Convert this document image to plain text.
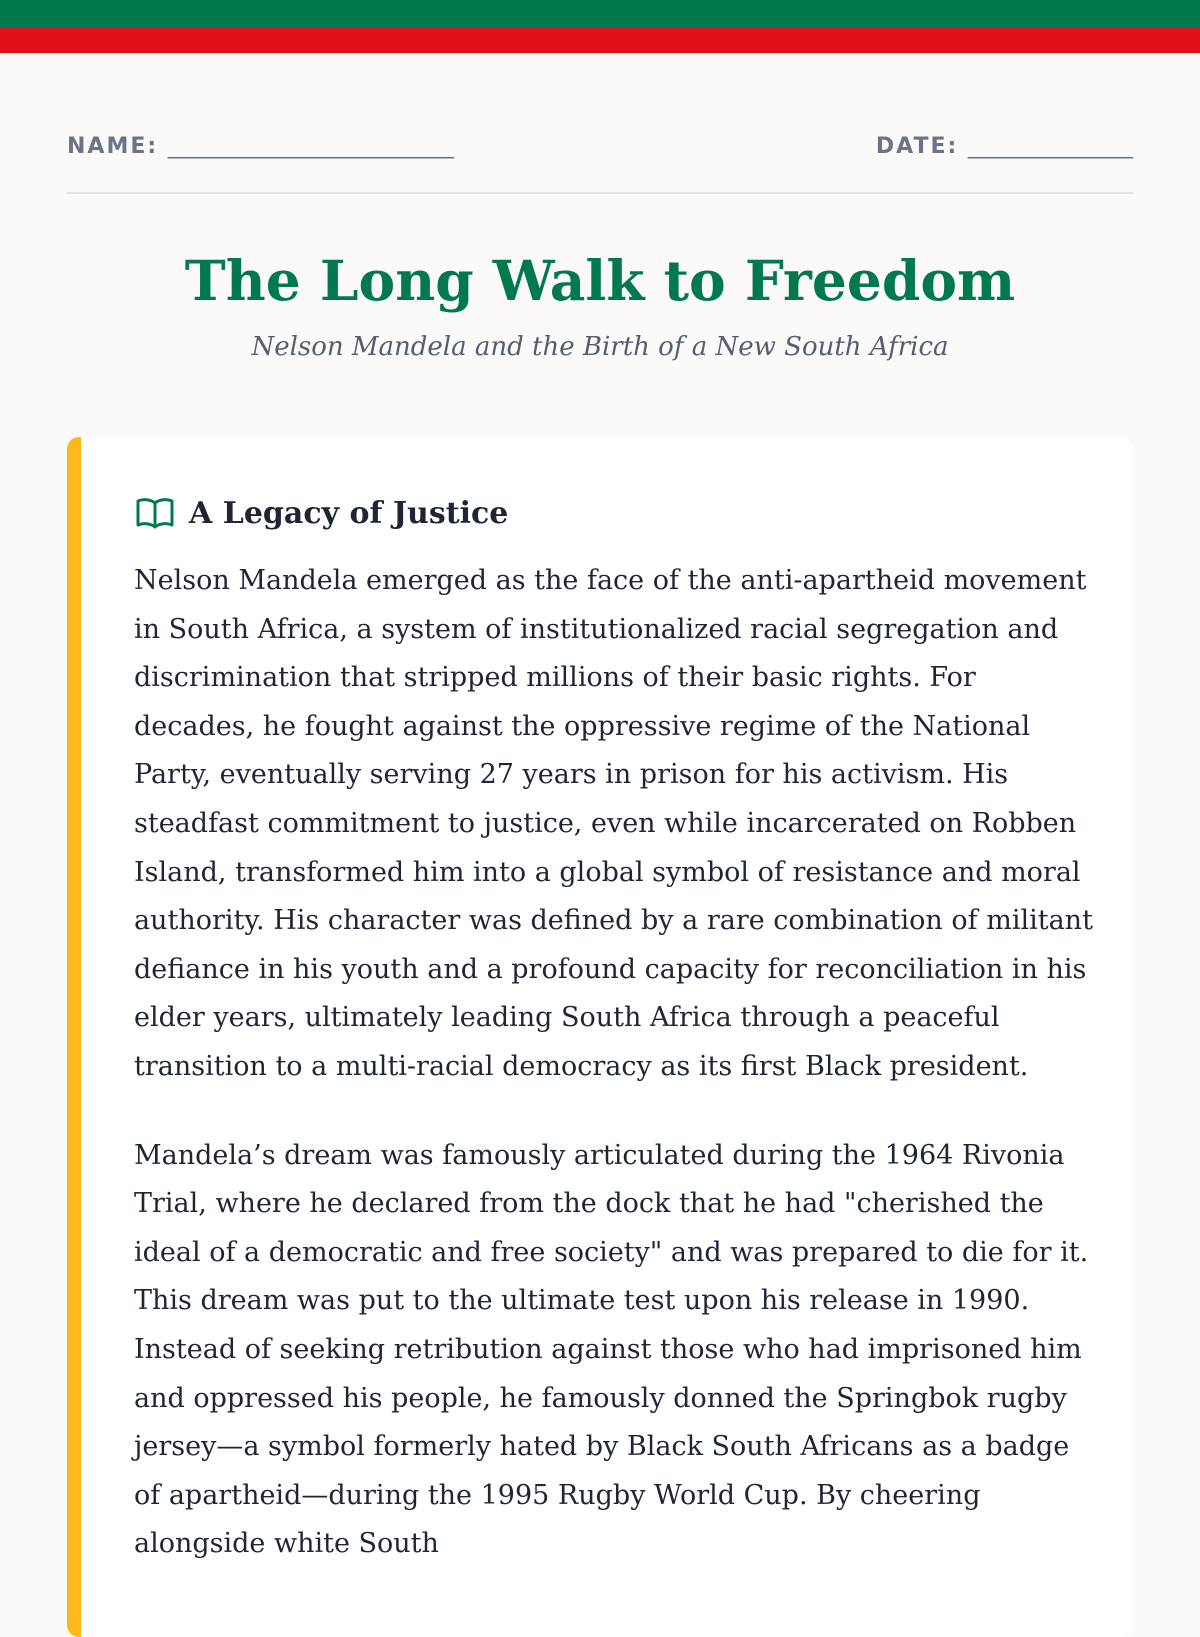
NAME: __________________________	DATE: _______________
The Long Walk to Freedom

Nelson Mandela and the Birth of a New South Africa

A Legacy of Justice

Nelson Mandela emerged as the face of the anti-apartheid movement in South Africa, a system of institutionalized racial segregation and discrimination that stripped millions of their basic rights. For decades, he fought against the oppressive regime of the National Party, eventually serving 27 years in prison for his activism. His steadfast commitment to justice, even while incarcerated on Robben Island, transformed him into a global symbol of resistance and moral authority. His character was defined by a rare combination of militant defiance in his youth and a profound capacity for reconciliation in his elder years, ultimately leading South Africa through a peaceful transition to a multi-racial democracy as its first Black president.

Mandela’s dream was famously articulated during the 1964 Rivonia Trial, where he declared from the dock that he had "cherished the ideal of a democratic and free society" and was prepared to die for it. This dream was put to the ultimate test upon his release in 1990. Instead of seeking retribution against those who had imprisoned him and oppressed his people, he famously donned the Springbok rugby jersey—a symbol formerly hated by Black South Africans as a badge of apartheid—during the 1995 Rugby World Cup. By cheering alongside white South
